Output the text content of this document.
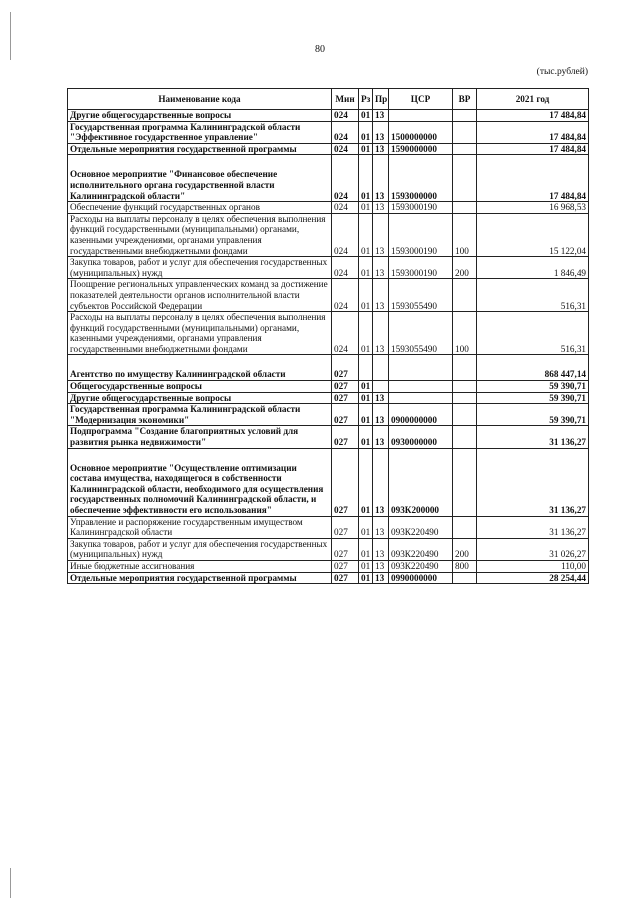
80
(тыс.рублей)
Наименование кода	Мин	Рз	Пр	ЦСР	ВР	2021 год
Другие общегосударственные вопросы	024	01	13			17 484,84
Государственная программа Калининградской области "Эффективное государственное управление"	024	01	13	1500000000		17 484,84
Отдельные мероприятия государственной программы	024	01	13	1590000000		17 484,84
Основное мероприятие "Финансовое обеспечение исполнительного органа государственной власти Калининградской области"	024	01	13	1593000000		17 484,84
Обеспечение функций государственных органов	024	01	13	1593000190		16 968,53
Расходы на выплаты персоналу в целях обеспечения выполнения функций государственными (муниципальными) органами, казенными учреждениями, органами управления государственными внебюджетными фондами	024	01	13	1593000190	100	15 122,04
Закупка товаров, работ и услуг для обеспечения государственных (муниципальных) нужд	024	01	13	1593000190	200	1 846,49
Поощрение региональных управленческих команд за достижение показателей деятельности органов исполнительной власти субъектов Российской Федерации	024	01	13	1593055490		516,31
Расходы на выплаты персоналу в целях обеспечения выполнения функций государственными (муниципальными) органами, казенными учреждениями, органами управления государственными внебюджетными фондами	024	01	13	1593055490	100	516,31
Агентство по имуществу Калининградской области	027					868 447,14
Общегосударственные вопросы	027	01				59 390,71
Другие общегосударственные вопросы	027	01	13			59 390,71
Государственная программа Калининградской области "Модернизация экономики"	027	01	13	0900000000		59 390,71
Подпрограмма "Создание благоприятных условий для развития рынка недвижимости"	027	01	13	0930000000		31 136,27
Основное мероприятие "Осуществление оптимизации состава имущества, находящегося в собственности Калининградской области, необходимого для осуществления государственных полномочий Калининградской области, и обеспечение эффективности его использования"	027	01	13	093К200000		31 136,27
Управление и распоряжение государственным имуществом Калининградской области	027	01	13	093К220490		31 136,27
Закупка товаров, работ и услуг для обеспечения государственных (муниципальных) нужд	027	01	13	093К220490	200	31 026,27
Иные бюджетные ассигнования	027	01	13	093К220490	800	110,00
Отдельные мероприятия государственной программы	027	01	13	0990000000		28 254,44
